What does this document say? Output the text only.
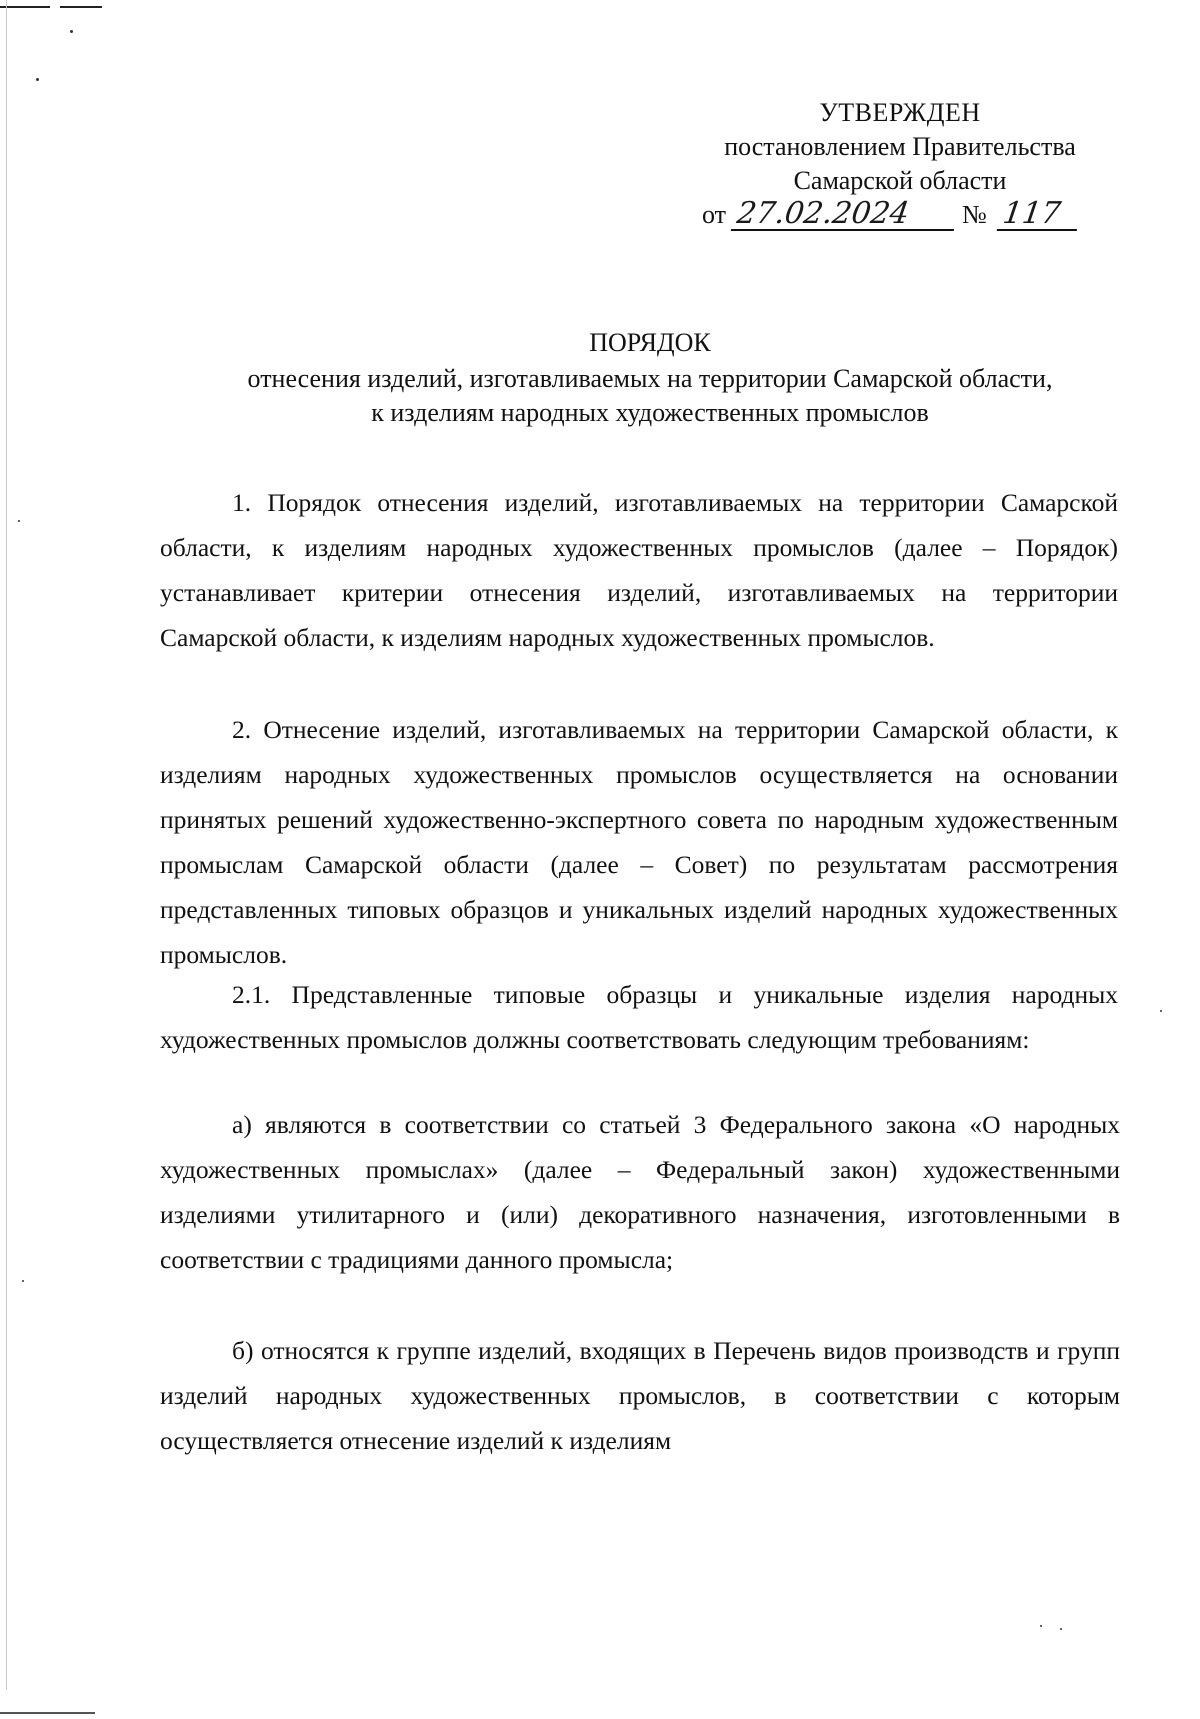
УТВЕРЖДЕН
постановлением Правительства
Самарской области
от 27.02.2024 № 117
ПОРЯДОК
отнесения изделий, изготавливаемых на территории Самарской области,
к изделиям народных художественных промыслов

1. Порядок отнесения изделий, изготавливаемых на территории Самарской области, к изделиям народных художественных промыслов (далее – Порядок) устанавливает критерии отнесения изделий, изготавливаемых на территории Самарской области, к изделиям народных художественных промыслов.

2. Отнесение изделий, изготавливаемых на территории Самарской области, к изделиям народных художественных промыслов осуществляется на основании принятых решений художественно-экспертного совета по народным художественным промыслам Самарской области (далее – Совет) по результатам рассмотрения представленных типовых образцов и уникальных изделий народных художественных промыслов.

2.1. Представленные типовые образцы и уникальные изделия народных художественных промыслов должны соответствовать следующим требованиям:

а) являются в соответствии со статьей 3 Федерального закона «О народных художественных промыслах» (далее – Федеральный закон) художественными изделиями утилитарного и (или) декоративного назначения, изготовленными в соответствии с традициями данного промысла;

б) относятся к группе изделий, входящих в Перечень видов производств и групп изделий народных художественных промыслов, в соответствии с которым осуществляется отнесение изделий к изделиям
